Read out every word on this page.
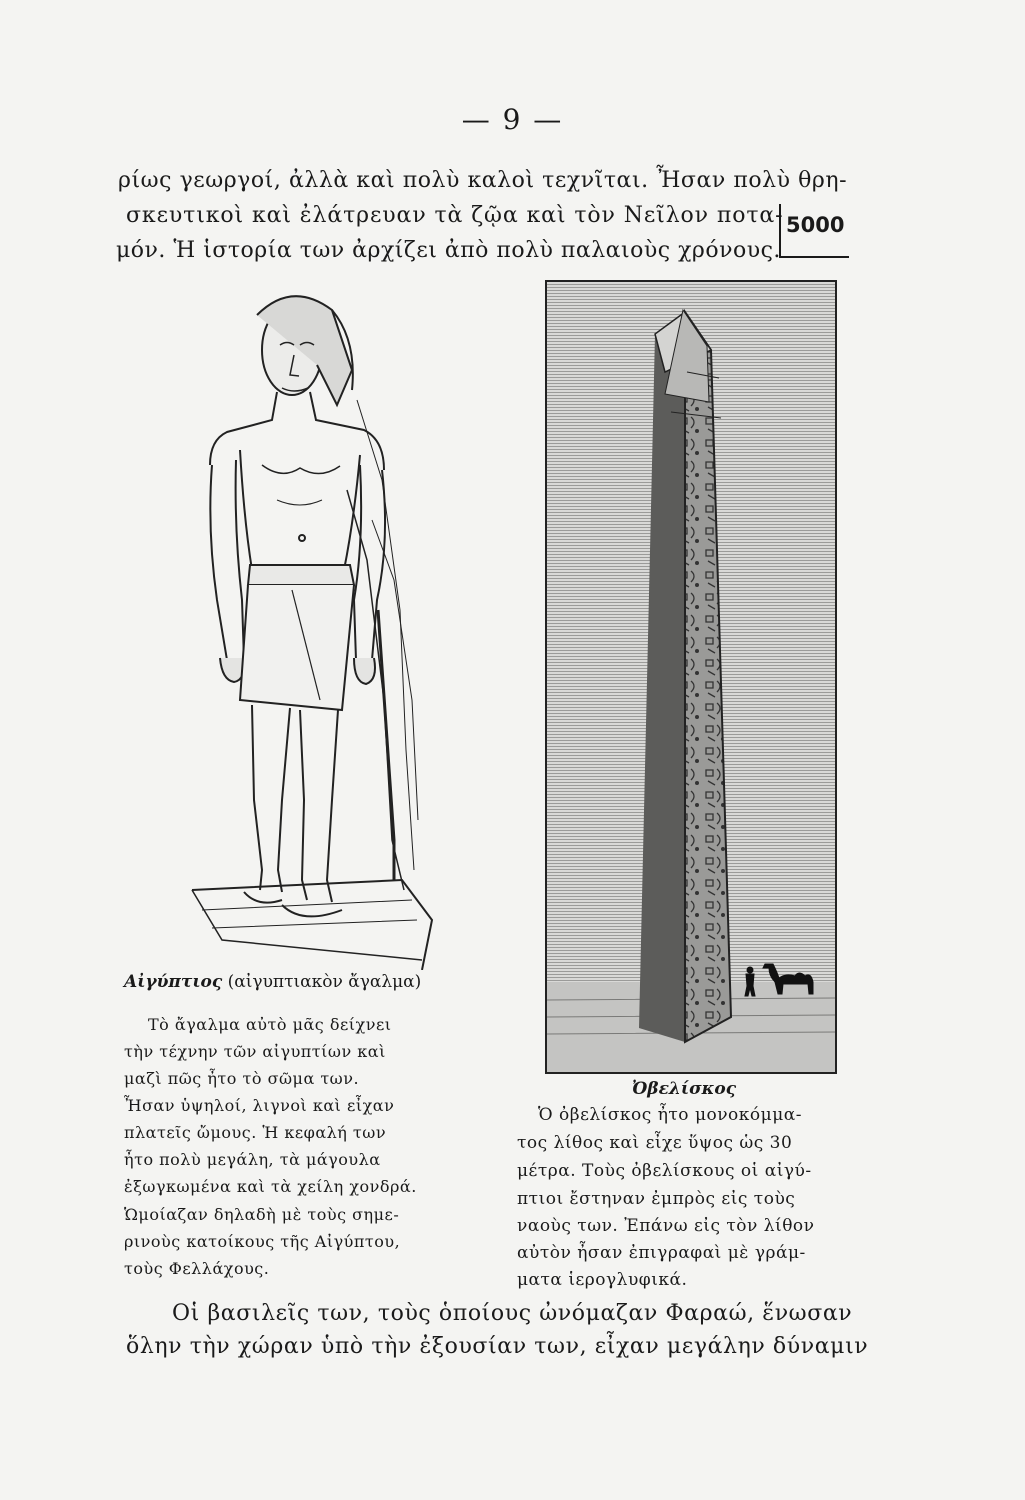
— 9 —
ρίως γεωργοί, ἀλλὰ καὶ πολὺ καλοὶ τεχνῖται. Ἦσαν πολὺ θρη-
σκευτικοὶ καὶ ἐλάτρευαν τὰ ζῷα καὶ τὸν Νεῖλον ποτα-
μόν. Ἡ ἱστορία των ἀρχίζει ἀπὸ πολὺ παλαιοὺς χρόνους.
5000
Αἰγύπτιος (αἰγυπτιακὸν ἄγαλμα)
Τὸ ἄγαλμα αὐτὸ μᾶς δείχνει
τὴν τέχνην τῶν αἰγυπτίων καὶ
μαζὶ πῶς ἦτο τὸ σῶμα των.
Ἦσαν ὑψηλοί, λιγνοὶ καὶ εἶχαν
πλατεῖς ὤμους. Ἡ κεφαλή των
ἦτο πολὺ μεγάλη, τὰ μάγουλα
ἐξωγκωμένα καὶ τὰ χείλη χονδρά.
Ὡμοίαζαν δηλαδὴ μὲ τοὺς σημε-
ρινοὺς κατοίκους τῆς Αἰγύπτου,
τοὺς Φελλάχους.
Ὀβελίσκος
Ὁ ὀβελίσκος ἦτο μονοκόμμα-
τος λίθος καὶ εἶχε ὕψος ὡς 30
μέτρα. Τοὺς ὀβελίσκους οἱ αἰγύ-
πτιοι ἔστηναν ἐμπρὸς εἰς τοὺς
ναοὺς των. Ἐπάνω εἰς τὸν λίθον
αὐτὸν ἦσαν ἐπιγραφαὶ μὲ γράμ-
ματα ἱερογλυφικά.
Οἱ βασιλεῖς των, τοὺς ὁποίους ὠνόμαζαν Φαραώ, ἕνωσαν
ὅλην τὴν χώραν ὑπὸ τὴν ἐξουσίαν των, εἶχαν μεγάλην δύναμιν
